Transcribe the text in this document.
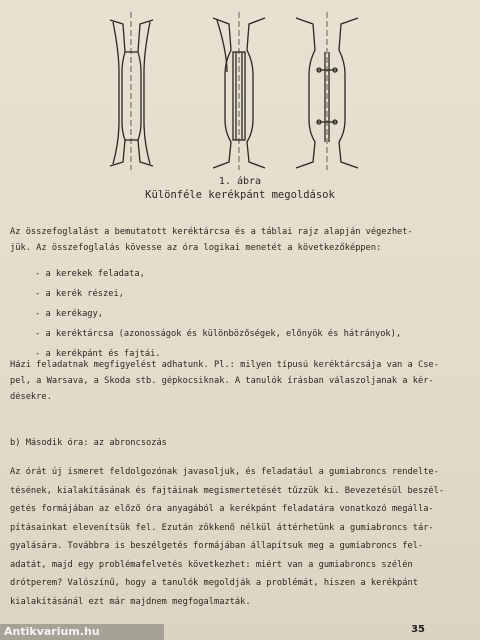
1. ábra
Különféle kerékpánt megoldások
Az összefoglalást a bemutatott keréktárcsa és a táblai rajz alapján végezhet-
jük. Az összefoglalás kövesse az óra logikai menetét a következőképpen:
- a kerekek feladata,
- a kerék részei,
- a kerékagy,
- a keréktárcsa (azonosságok és különbözőségek, előnyök és hátrányok),
- a kerékpánt és fajtái.
Házi feladatnak megfigyelést adhatunk. Pl.: milyen típusú keréktárcsája van a Cse-
pel, a Warsava, a Skoda stb. gépkocsiknak. A tanulók írásban válaszoljanak a kér-
désekre.
b) Második óra: az abroncsozás
Az órát új ismeret feldolgozónak javasoljuk, és feladatául a gumiabroncs rendelte-
tésének, kialakításának és fajtáinak megismertetését tűzzük ki. Bevezetésül beszél-
getés formájában az előző óra anyagából a kerékpánt feladatára vonatkozó megálla-
pításainkat elevenítsük fel. Ezután zökkenő nélkül áttérhetünk a gumiabroncs tár-
gyalására. Továbbra is beszélgetés formájában állapítsuk meg a gumiabroncs fel-
adatát, majd egy problémafelvetés következhet: miért van a gumiabroncs szélén
drótperem? Valószínű, hogy a tanulók megoldják a problémát, hiszen a kerékpánt
kialakításánál ezt már majdnem megfogalmazták.
35
Antikvarium.hu
